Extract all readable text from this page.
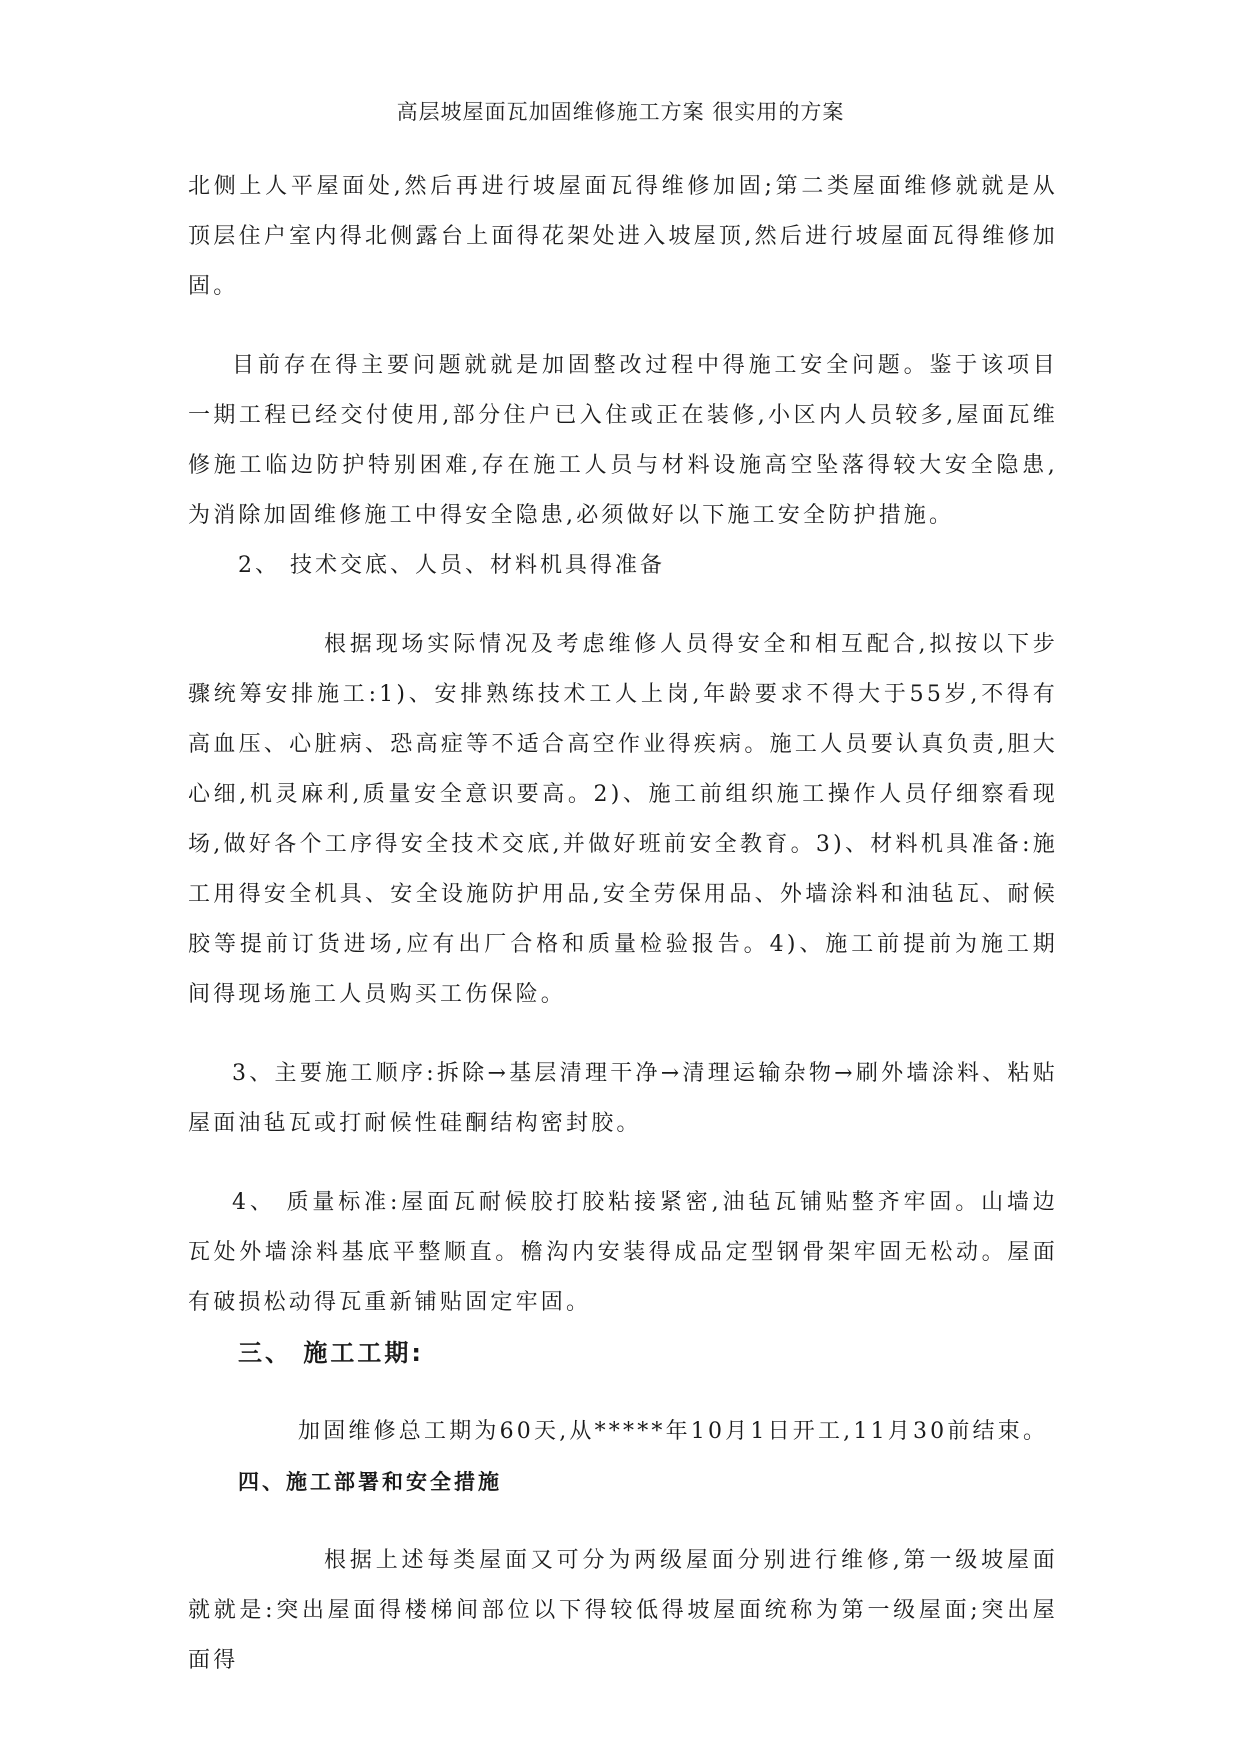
高层坡屋面瓦加固维修施工方案 很实用的方案

北侧上人平屋面处,然后再进行坡屋面瓦得维修加固;第二类屋面维修就就是从顶层住户室内得北侧露台上面得花架处进入坡屋顶,然后进行坡屋面瓦得维修加固。

目前存在得主要问题就就是加固整改过程中得施工安全问题。鉴于该项目一期工程已经交付使用,部分住户已入住或正在装修,小区内人员较多,屋面瓦维修施工临边防护特别困难,存在施工人员与材料设施高空坠落得较大安全隐患,为消除加固维修施工中得安全隐患,必须做好以下施工安全防护措施。

2、 技术交底、人员、材料机具得准备

根据现场实际情况及考虑维修人员得安全和相互配合,拟按以下步骤统筹安排施工:1)、安排熟练技术工人上岗,年龄要求不得大于55岁,不得有高血压、心脏病、恐高症等不适合高空作业得疾病。施工人员要认真负责,胆大心细,机灵麻利,质量安全意识要高。2)、施工前组织施工操作人员仔细察看现场,做好各个工序得安全技术交底,并做好班前安全教育。3)、材料机具准备:施工用得安全机具、安全设施防护用品,安全劳保用品、外墙涂料和油毡瓦、耐候胶等提前订货进场,应有出厂合格和质量检验报告。4)、施工前提前为施工期间得现场施工人员购买工伤保险。

3、主要施工顺序:拆除→基层清理干净→清理运输杂物→刷外墙涂料、粘贴屋面油毡瓦或打耐候性硅酮结构密封胶。

4、 质量标准:屋面瓦耐候胶打胶粘接紧密,油毡瓦铺贴整齐牢固。山墙边瓦处外墙涂料基底平整顺直。檐沟内安装得成品定型钢骨架牢固无松动。屋面有破损松动得瓦重新铺贴固定牢固。

三、 施工工期:

加固维修总工期为60天,从*****年10月1日开工,11月30前结束。

四、施工部署和安全措施

根据上述每类屋面又可分为两级屋面分别进行维修,第一级坡屋面就就是:突出屋面得楼梯间部位以下得较低得坡屋面统称为第一级屋面;突出屋面得
